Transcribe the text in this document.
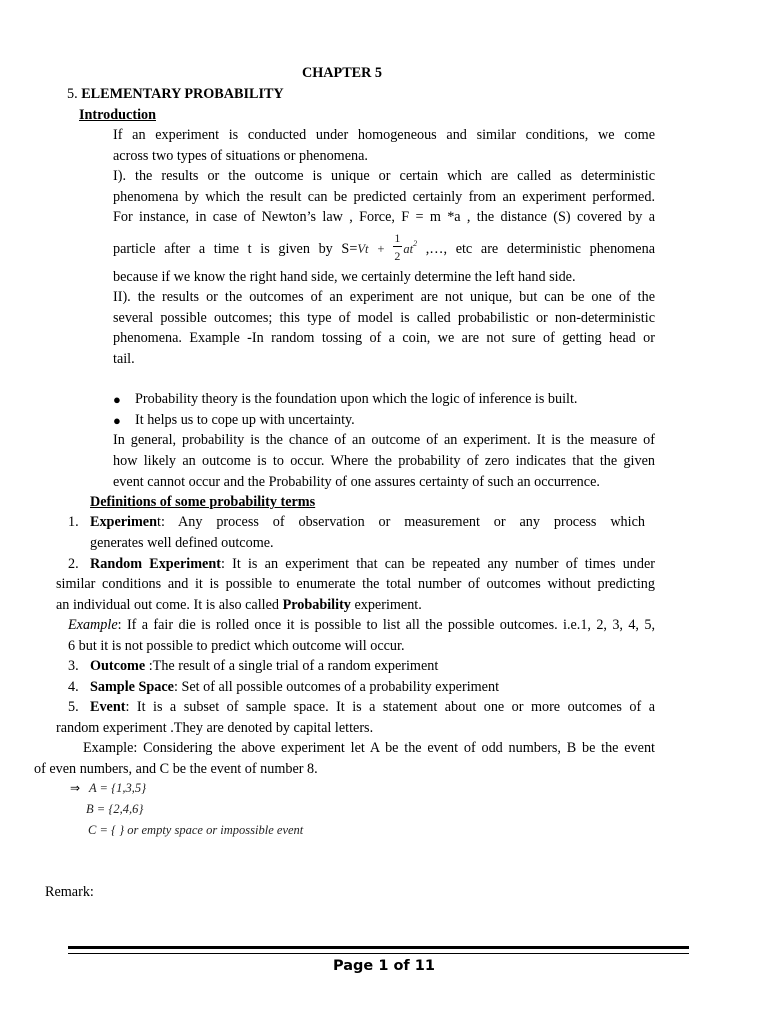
CHAPTER 5
5. ELEMENTARY PROBABILITY
Introduction
If an experiment is conducted under homogeneous and similar conditions, we come
across two types of situations or phenomena.
I). the results or the outcome is unique or certain which are called as deterministic
phenomena by which the result can be predicted certainly from an experiment performed.
For instance, in case of Newton’s law , Force, F = m *a , the distance (S) covered by a
particle after a time t is given by $S=Vt + \frac{1}{2} at^2$ ,…, etc are deterministic phenomena
because if we know the right hand side, we certainly determine the left hand side.
II). the results or the outcomes of an experiment are not unique, but can be one of the
several possible outcomes; this type of model is called probabilistic or non-deterministic
phenomena. Example -In random tossing of a coin, we are not sure of getting head or
tail.
● Probability theory is the foundation upon which the logic of inference is built.
● It helps us to cope up with uncertainty.
In general, probability is the chance of an outcome of an experiment. It is the measure of
how likely an outcome is to occur. Where the probability of zero indicates that the given
event cannot occur and the Probability of one assures certainty of such an occurrence.
Definitions of some probability terms
1. Experiment: Any process of observation or measurement or any process which
generates well defined outcome.
2. Random Experiment: It is an experiment that can be repeated any number of times under
similar conditions and it is possible to enumerate the total number of outcomes without predicting
an individual out come. It is also called Probability experiment.
Example: If a fair die is rolled once it is possible to list all the possible outcomes. i.e.1, 2, 3, 4, 5,
6 but it is not possible to predict which outcome will occur.
3. Outcome :The result of a single trial of a random experiment
4. Sample Space: Set of all possible outcomes of a probability experiment
5. Event: It is a subset of sample space. It is a statement about one or more outcomes of a
random experiment .They are denoted by capital letters.
Example: Considering the above experiment let A be the event of odd numbers, B be the event
of even numbers, and C be the event of number 8.
⇒ A = {1,3,5}
B = {2,4,6}
C = { } or empty space or impossible event
Remark:
Page 1 of 11
